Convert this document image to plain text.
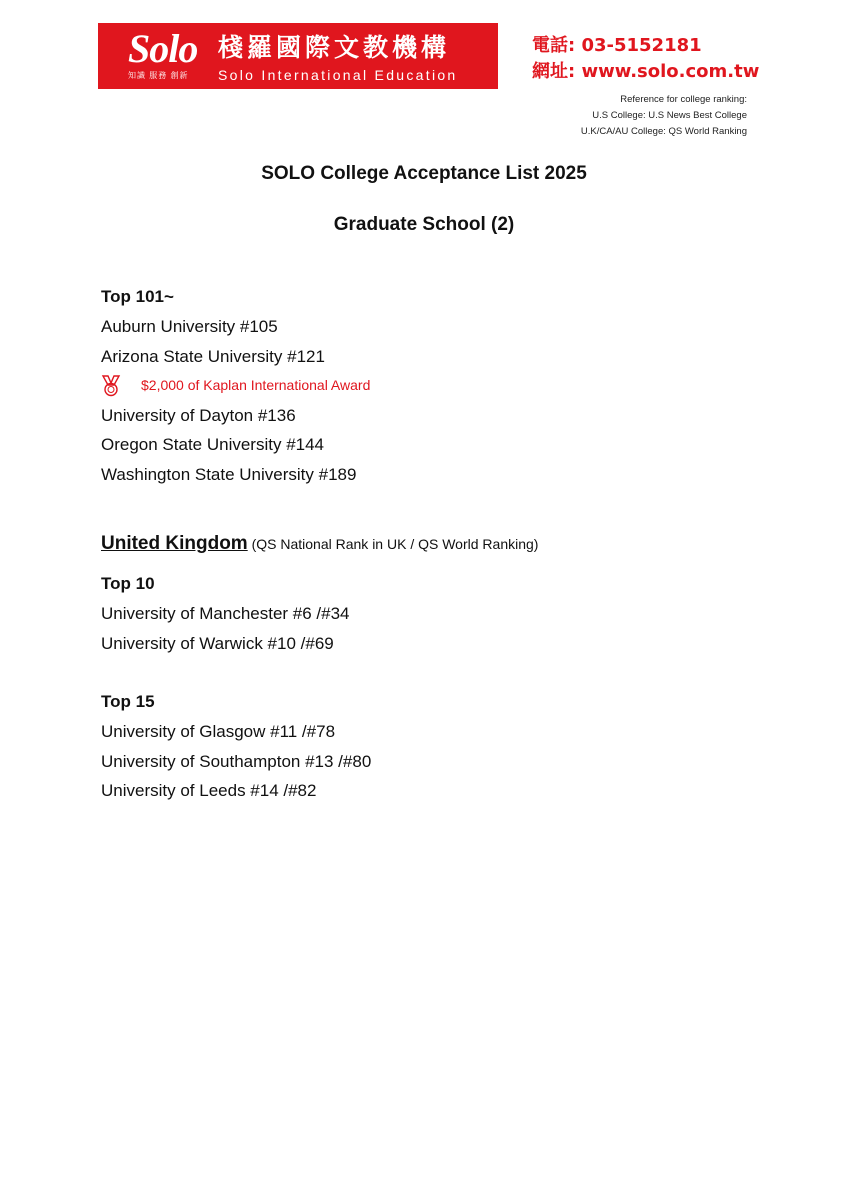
Solo
知識 服務 創新
棧羅國際文教機構
Solo International Education
電話: 03-5152181
網址: www.solo.com.tw
Reference for college ranking:
U.S College: U.S News Best College
U.K/CA/AU College: QS World Ranking
SOLO College Acceptance List 2025
Graduate School (2)
Top 101~
Auburn University #105
Arizona State University #121
$2,000 of Kaplan International Award
University of Dayton #136
Oregon State University #144
Washington State University #189
United Kingdom (QS National Rank in UK / QS World Ranking)
Top 10
University of Manchester #6 /#34
University of Warwick #10 /#69
Top 15
University of Glasgow #11 /#78
University of Southampton #13 /#80
University of Leeds #14 /#82
